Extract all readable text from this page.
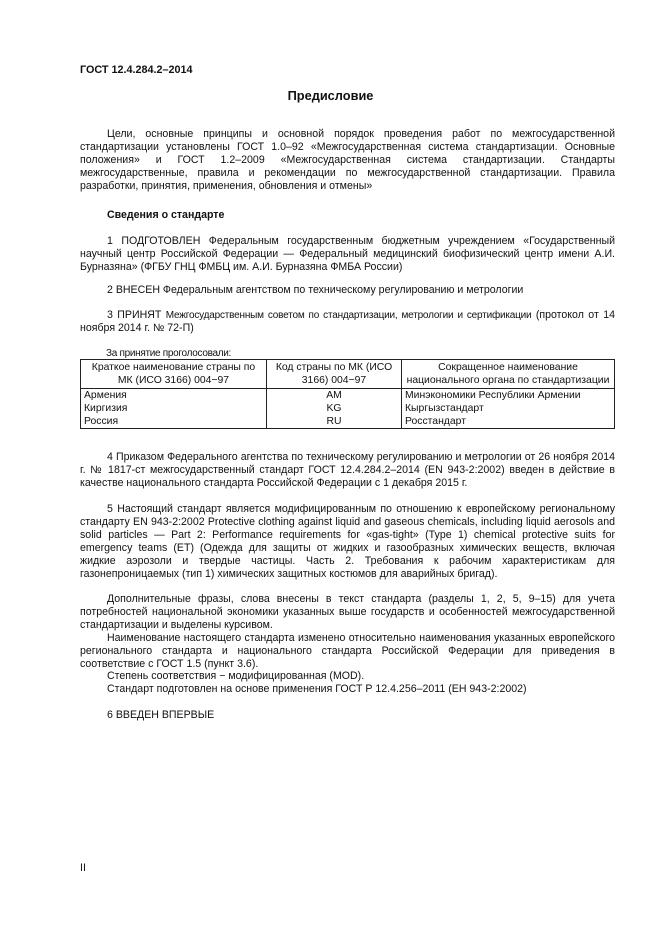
ГОСТ 12.4.284.2–2014
Предисловие

Цели, основные принципы и основной порядок проведения работ по межгосударственной стандартизации установлены ГОСТ 1.0–92 «Межгосударственная система стандартизации. Основные положения» и ГОСТ 1.2–2009 «Межгосударственная система стандартизации. Стандарты межгосударственные, правила и рекомендации по межгосударственной стандартизации. Правила разработки, принятия, применения, обновления и отмены»

Сведения о стандарте

1 ПОДГОТОВЛЕН Федеральным государственным бюджетным учреждением «Государственный научный центр Российской Федерации — Федеральный медицинский биофизический центр имени А.И. Бурназяна» (ФГБУ ГНЦ ФМБЦ им. А.И. Бурназяна ФМБА России)

2 ВНЕСЕН Федеральным агентством по техническому регулированию и метрологии

3 ПРИНЯТ Межгосударственным советом по стандартизации, метрологии и сертификации (протокол от 14 ноября 2014 г. № 72-П)

За принятие проголосовали:
Краткое наименование страны по МК (ИСО 3166) 004−97	Код страны по МК (ИСО 3166) 004−97	Сокращенное наименование национального органа по стандартизации
Армения	AM	Минэкономики Республики Армении
Киргизия	KG	Кыргызстандарт
Россия	RU	Росстандарт

4 Приказом Федерального агентства по техническому регулированию и метрологии от 26 ноября 2014 г. № 1817-ст межгосударственный стандарт ГОСТ 12.4.284.2–2014 (EN 943-2:2002) введен в действие в качестве национального стандарта Российской Федерации с 1 декабря 2015 г.

5 Настоящий стандарт является модифицированным по отношению к европейскому региональному стандарту EN 943-2:2002 Protective clothing against liquid and gaseous chemicals, including liquid aerosols and solid particles — Part 2: Performance requirements for «gas-tight» (Type 1) chemical protective suits for emergency teams (ET) (Одежда для защиты от жидких и газообразных химических веществ, включая жидкие аэрозоли и твердые частицы. Часть 2. Требования к рабочим характеристикам для газонепроницаемых (тип 1) химических защитных костюмов для аварийных бригад).

Дополнительные фразы, слова внесены в текст стандарта (разделы 1, 2, 5, 9–15) для учета потребностей национальной экономики указанных выше государств и особенностей межгосударственной стандартизации и выделены курсивом.

Наименование настоящего стандарта изменено относительно наименования указанных европейского регионального стандарта и национального стандарта Российской Федерации для приведения в соответствие с ГОСТ 1.5 (пункт 3.6).

Степень соответствия − модифицированная (MOD).

Стандарт подготовлен на основе применения ГОСТ Р 12.4.256–2011 (ЕН 943-2:2002)

6 ВВЕДЕН ВПЕРВЫЕ

II
